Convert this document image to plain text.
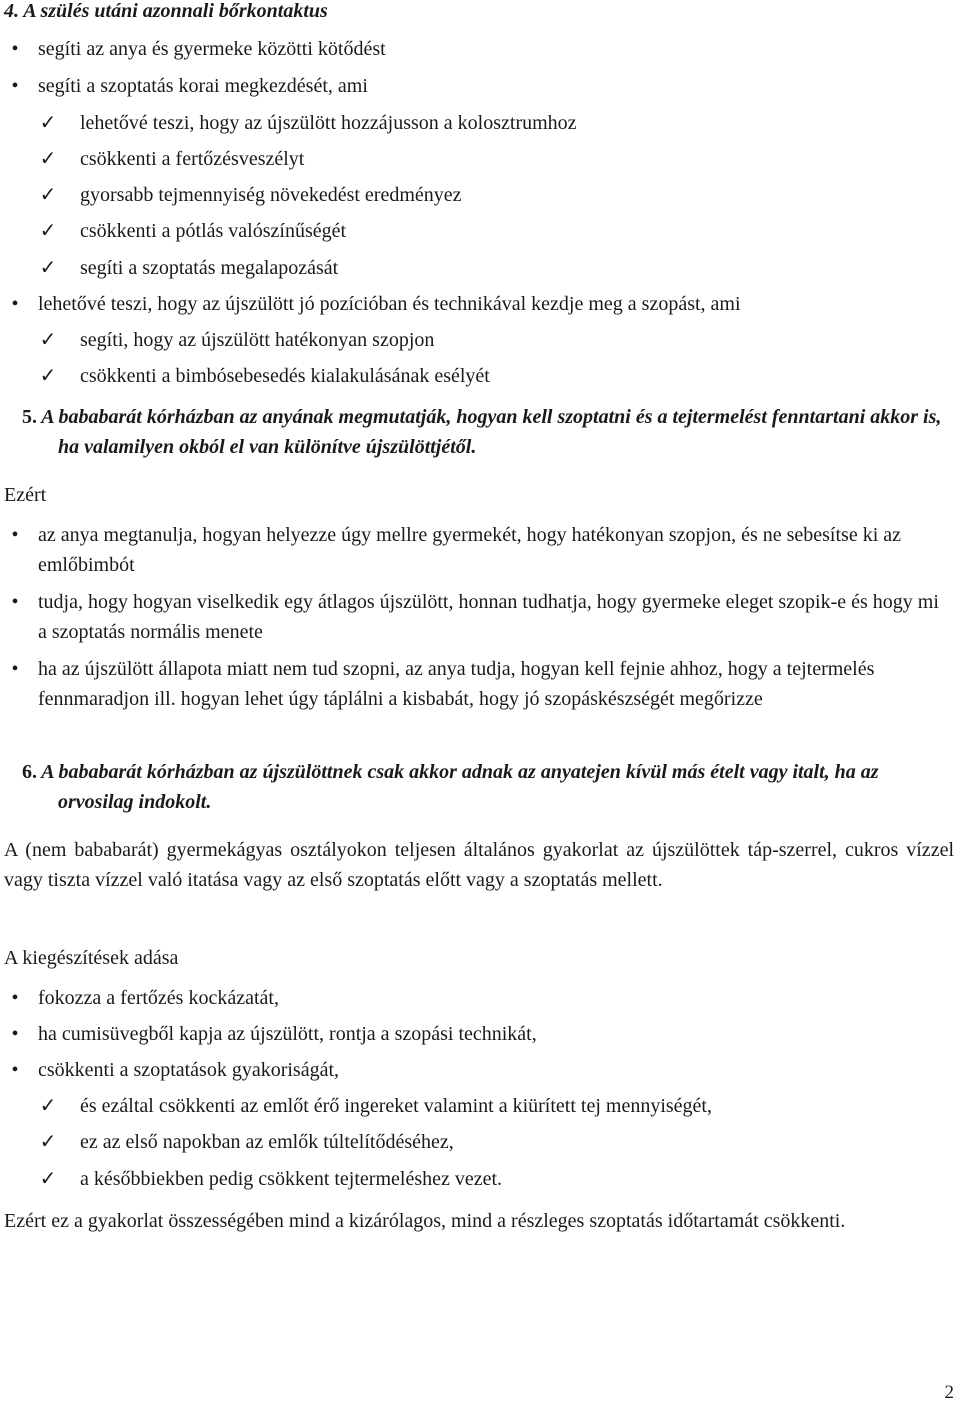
4. A szülés utáni azonnali bőrkontaktus
• segíti az anya és gyermeke közötti kötődést
• segíti a szoptatás korai megkezdését, ami
✓ lehetővé teszi, hogy az újszülött hozzájusson a kolosztrumhoz
✓ csökkenti a fertőzésveszélyt
✓ gyorsabb tejmennyiség növekedést eredményez
✓ csökkenti a pótlás valószínűségét
✓ segíti a szoptatás megalapozását
• lehetővé teszi, hogy az újszülött jó pozícióban és technikával kezdje meg a szopást, ami
✓ segíti, hogy az újszülött hatékonyan szopjon
✓ csökkenti a bimbósebesedés kialakulásának esélyét
5. A bababarát kórházban az anyának megmutatják, hogyan kell szoptatni és a tejtermelést fenntartani akkor is, ha valamilyen okból el van különítve újszülöttjétől.
Ezért
• az anya megtanulja, hogyan helyezze úgy mellre gyermekét, hogy hatékonyan szopjon, és ne sebesítse ki az emlőbimbót
• tudja, hogy hogyan viselkedik egy átlagos újszülött, honnan tudhatja, hogy gyermeke eleget szopik-e és hogy mi a szoptatás normális menete
• ha az újszülött állapota miatt nem tud szopni, az anya tudja, hogyan kell fejnie ahhoz, hogy a tejtermelés fennmaradjon ill. hogyan lehet úgy táplálni a kisbabát, hogy jó szopáskészségét megőrizze
6. A bababarát kórházban az újszülöttnek csak akkor adnak az anyatejen kívül más ételt vagy italt, ha az orvosilag indokolt.
A (nem bababarát) gyermekágyas osztályokon teljesen általános gyakorlat az újszülöttek táp-szerrel, cukros vízzel vagy tiszta vízzel való itatása vagy az első szoptatás előtt vagy a szoptatás mellett.
A kiegészítések adása
• fokozza a fertőzés kockázatát,
• ha cumisüvegből kapja az újszülött, rontja a szopási technikát,
• csökkenti a szoptatások gyakoriságát,
✓ és ezáltal csökkenti az emlőt érő ingereket valamint a kiürített tej mennyiségét,
✓ ez az első napokban az emlők túltelítődéséhez,
✓ a későbbiekben pedig csökkent tejtermeléshez vezet.
Ezért ez a gyakorlat összességében mind a kizárólagos, mind a részleges szoptatás időtartamát csökkenti.
2
